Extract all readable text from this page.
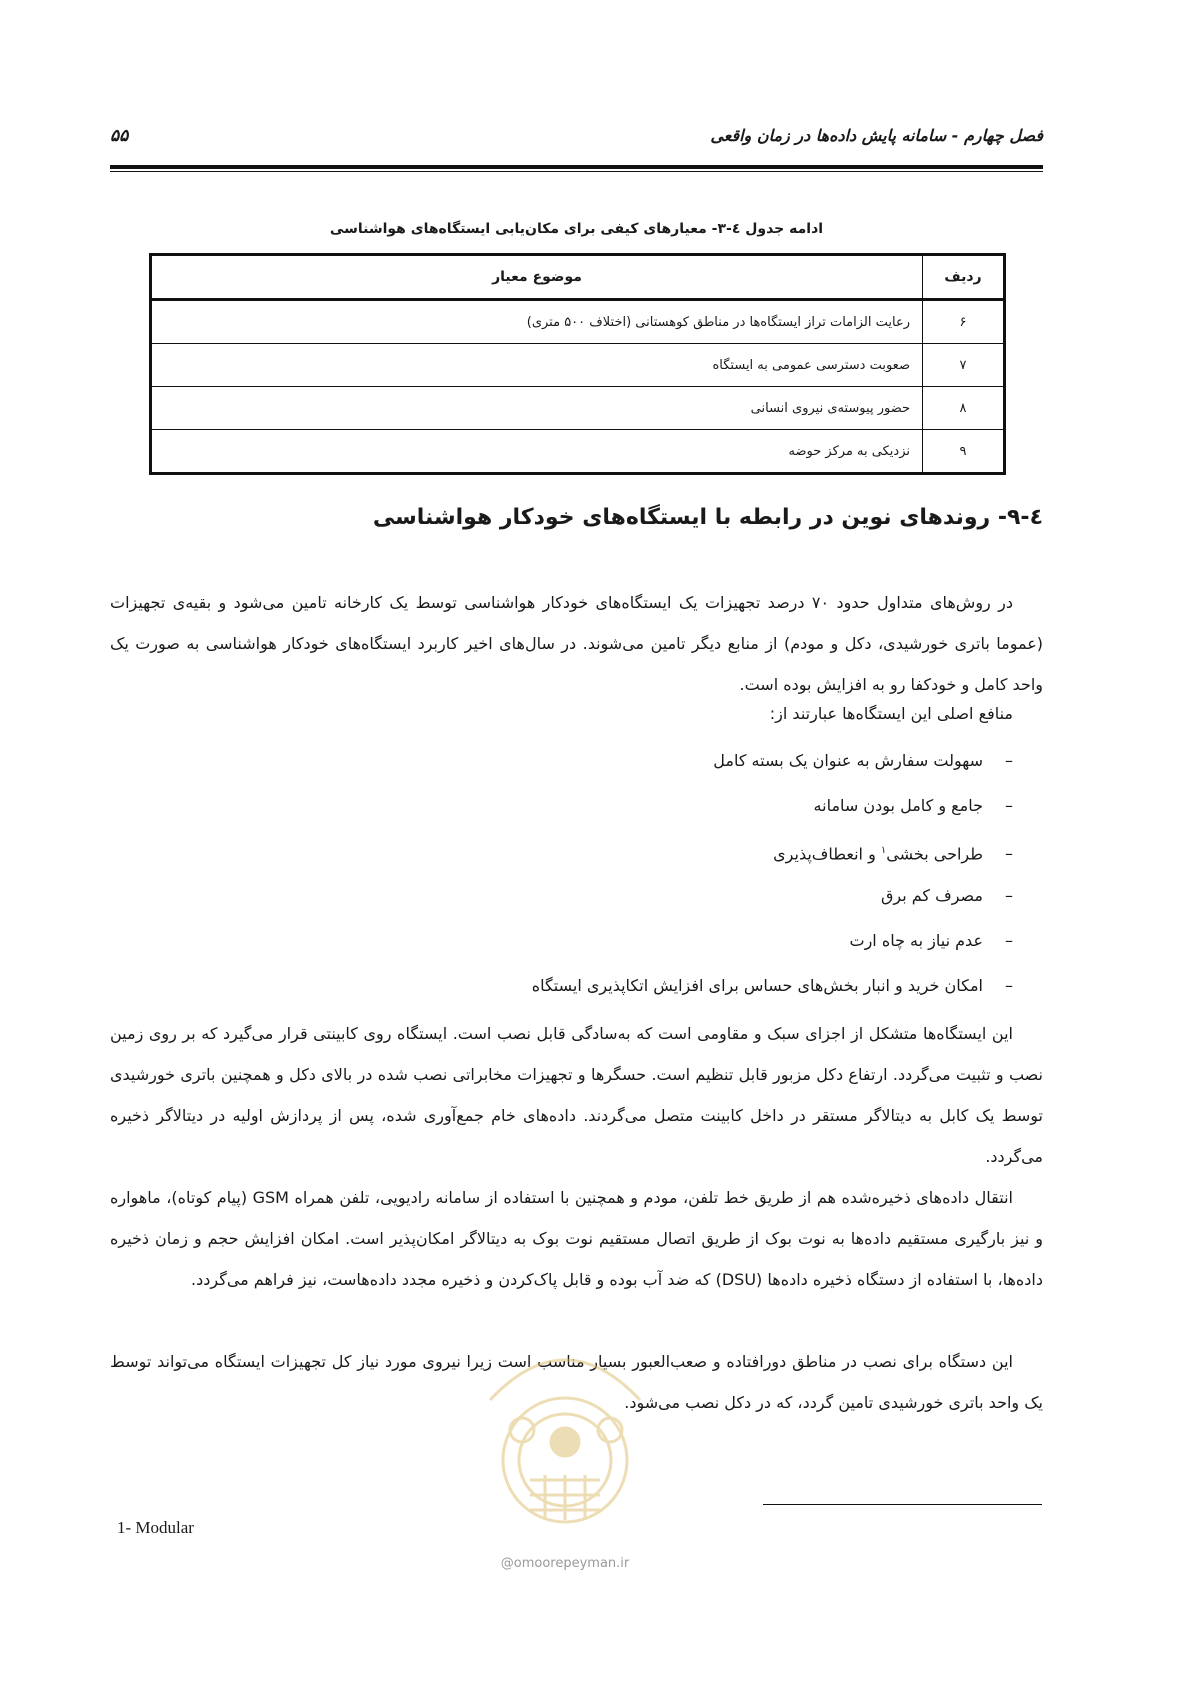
فصل چهارم - سامانه پایش داده‌ها در زمان واقعی
۵۵
ادامه جدول ٤-٣- معیارهای کیفی برای مکان‌یابی ایستگاه‌های هواشناسی
ردیف	موضوع معیار
۶	رعایت الزامات تراز ایستگاه‌ها در مناطق کوهستانی (اختلاف ۵۰۰ متری)
۷	صعوبت دسترسی عمومی به ایستگاه
۸	حضور پیوسته‌ی نیروی انسانی
۹	نزدیکی به مرکز حوضه
٤-۹- روندهای نوین در رابطه با ایستگاه‌های خودکار هواشناسی

در روش‌های متداول حدود ۷۰ درصد تجهیزات یک ایستگاه‌های خودکار هواشناسی توسط یک کارخانه تامین می‌شود و بقیه‌ی تجهیزات (عموما باتری خورشیدی، دکل و مودم) از منابع دیگر تامین می‌شوند. در سال‌های اخیر کاربرد ایستگاه‌های خودکار هواشناسی به صورت یک واحد کامل و خودکفا رو به افزایش بوده است.

منافع اصلی این ایستگاه‌ها عبارتند از:
–سهولت سفارش به عنوان یک بسته کامل
–جامع و کامل بودن سامانه
–طراحی بخشی$^۱$ و انعطاف‌پذیری
–مصرف کم برق
–عدم نیاز به چاه ارت
–امکان خرید و انبار بخش‌های حساس برای افزایش اتکاپذیری ایستگاه

این ایستگاه‌ها متشکل از اجزای سبک و مقاومی است که به‌سادگی قابل نصب است. ایستگاه روی کابینتی قرار می‌گیرد که بر روی زمین نصب و تثبیت می‌گردد. ارتفاع دکل مزبور قابل تنظیم است. حسگرها و تجهیزات مخابراتی نصب شده در بالای دکل و همچنین باتری خورشیدی توسط یک کابل به دیتالاگر مستقر در داخل کابینت متصل می‌گردند. داده‌های خام جمع‌آوری شده، پس از پردازش اولیه در دیتالاگر ذخیره می‌گردد.

انتقال داده‌های ذخیره‌شده هم از طریق خط تلفن، مودم و همچنین با استفاده از سامانه رادیویی، تلفن همراه GSM (پیام کوتاه)، ماهواره و نیز بارگیری مستقیم داده‌ها به نوت بوک از طریق اتصال مستقیم نوت بوک به دیتالاگر امکان‌پذیر است. امکان افزایش حجم و زمان ذخیره داده‌ها، با استفاده از دستگاه ذخیره داده‌ها (DSU) که ضد آب بوده و قابل پاک‌کردن و ذخیره مجدد داده‌هاست، نیز فراهم می‌گردد.

این دستگاه برای نصب در مناطق دورافتاده و صعب‌العبور بسیار مناسب است زیرا نیروی مورد نیاز کل تجهیزات ایستگاه می‌تواند توسط یک واحد باتری خورشیدی تامین گردد، که در دکل نصب می‌شود.

@omoorepeyman.ir
1- Modular
